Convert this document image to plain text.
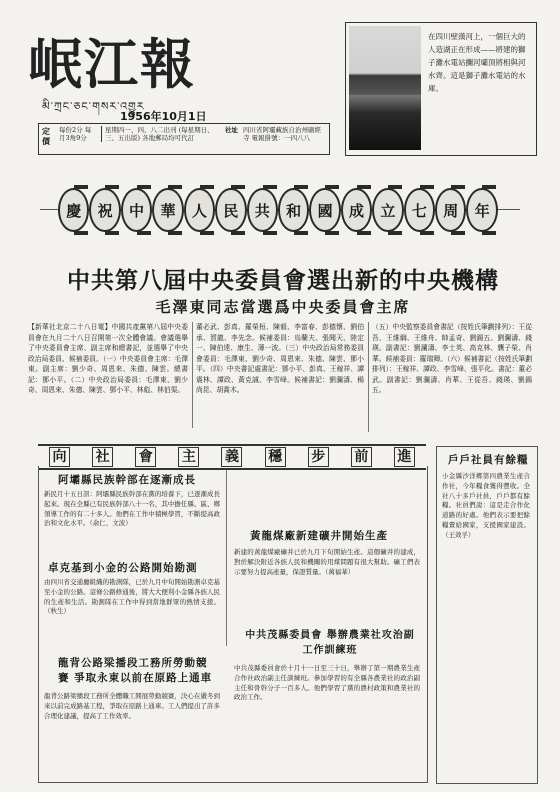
岷江報
མི་ཀྲང་ཅང་གསར་འགྱུར
1956年10月1日
定價
每份2分 每月3角9分
星期四一、四、八二出刊 (每星期日、三、五出版) 各地郵局均可代訂
社址 四川省阿壩藏族自治州刷經寺 電報掛號：一四八八
在四川壁漢河上，一個巨大的人造湖正在形成——將建的獅子灘水電站攔河壩頂將相與河水齊。這是獅子灘水電站的水庫。
慶	祝	中	華	人	民	共	和	國	成	立	七	周	年
中共第八屆中央委員會選出新的中央機構
毛澤東同志當選爲中央委員會主席
【新華社北京二十八日電】中國共產黨第八屆中央委員會在九月二十八日召開第一次全體會議。會議選舉了中央委員會主席、副主席和總書記，並選舉了中央政治局委員、候補委員。（一）中央委員會主席：毛澤東。副主席：劉少奇、周恩來、朱德、陳雲。總書記：鄧小平。（二）中央政治局委員：毛澤東、劉少奇、周恩來、朱德、陳雲、鄧小平、林彪、林伯渠。
董必武、彭真、羅榮桓、陳毅、李富春、彭德懷、劉伯承、賀龍、李先念。候補委員：烏蘭夫、張聞天、陸定一、陳伯達、康生、薄一波。（三）中央政治局常務委員會委員：毛澤東、劉少奇、周恩來、朱德、陳雲、鄧小平。（四）中央書記處書記：鄧小平、彭真、王稼祥、譚震林、譚政、黃克誠、李雪峰。候補書記：劉瀾濤、楊尚昆、胡喬木。
（五）中央監察委員會書記（按姓氏筆劃排列）：王從吾、王維綱、王維舟、帥孟奇、劉錫五、劉瀾濤、錢瑛。副書記：劉瀾濤、李士英、高克林、龔子榮、肖華。候補委員：羅瑞卿。（六）候補書記（按姓氏筆劃排列）：王稼祥、譚政、李雪峰、張平化。書記：董必武。副書記：劉瀾濤、肖華、王從吾、錢瑛、劉錫五。
向 社 會 主 義 穩 步 前 進
阿壩縣民族幹部在逐漸成長
新民月十五日訊：阿壩縣民族幹部在黨的培養下，已逐漸成長起來。現在全縣已有民族幹部八十一名，其中擔任縣、區、鄉領導工作的有二十多人。他們在工作中積極學習，不斷提高政治和文化水平。（余仁、文波）
卓克基到小金的公路開始勘測
由四川省交通廳組織的勘測隊，已於九月中旬開始勘測卓克基至小金的公路。這條公路修通後，將大大便利小金縣各族人民的生產和生活。勘測隊在工作中得到當地群眾的熱情支援。（秋生）
龍背公路梁播段工務所勞動競賽 爭取永東以前在原路上通車
龍背公路梁播段工務所全體職工開展勞動競賽，決心在嚴冬到來以前完成路基工程，爭取在原路上通車。工人們提出了許多合理化建議，提高了工作效率。
黃龍煤廠新建礦井開始生產
新建的黃龍煤廠礦井已於九月下旬開始生產。這個礦井的建成，對於解決附近各族人民和機關的用煤問題有很大幫助。礦工們表示要努力提高產量，保證質量。（萬福華）
中共茂縣委員會 舉辦農業社攻治副工作訓練班
中共茂縣委員會於十月十一日至三十日，舉辦了第一期農業生產合作社政治副主任訓練班。參加學習的有全縣各農業社的政治副主任和骨幹分子一百多人。他們學習了黨的農村政策和農業社的政治工作。
戶戶社員有餘糧
小金縣沙洋鄉第四農業生產合作社，今年糧食獲得豐收。全社八十多戶社員，戶戶都有餘糧。社員們說：這是走合作化道路的好處。他們表示要把餘糧賣給國家，支援國家建設。（王效孚）
